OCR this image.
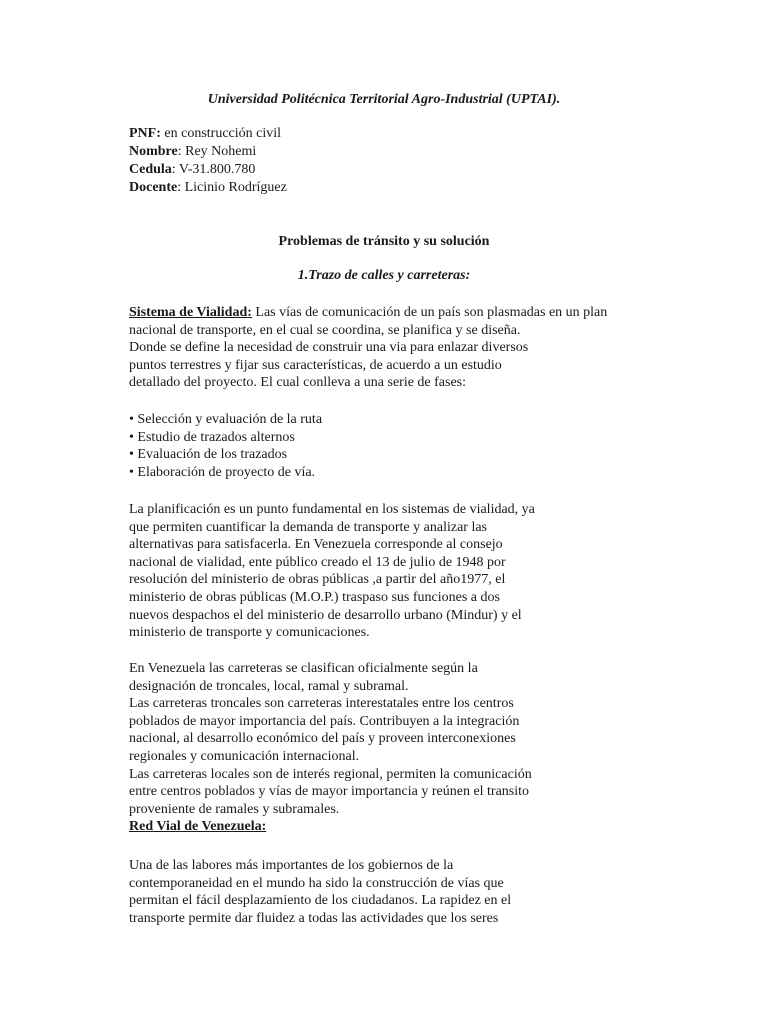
Universidad Politécnica Territorial Agro-Industrial (UPTAI).
PNF: en construcción civil
Nombre: Rey Nohemi
Cedula: V-31.800.780
Docente: Licinio Rodríguez
Problemas de tránsito y su solución
1.Trazo de calles y carreteras:
Sistema de Vialidad: Las vías de comunicación de un país son plasmadas en un plan
nacional de transporte, en el cual se coordina, se planifica y se diseña.
Donde se define la necesidad de construir una via para enlazar diversos
puntos terrestres y fijar sus características, de acuerdo a un estudio
detallado del proyecto. El cual conlleva a una serie de fases:
• Selección y evaluación de la ruta
• Estudio de trazados alternos
• Evaluación de los trazados
• Elaboración de proyecto de vía.
La planificación es un punto fundamental en los sistemas de vialidad, ya
que permiten cuantificar la demanda de transporte y analizar las
alternativas para satisfacerla. En Venezuela corresponde al consejo
nacional de vialidad, ente público creado el 13 de julio de 1948 por
resolución del ministerio de obras públicas ,a partir del año1977, el
ministerio de obras públicas (M.O.P.) traspaso sus funciones a dos
nuevos despachos el del ministerio de desarrollo urbano (Mindur) y el
ministerio de transporte y comunicaciones.
En Venezuela las carreteras se clasifican oficialmente según la
designación de troncales, local, ramal y subramal.
Las carreteras troncales son carreteras interestatales entre los centros
poblados de mayor importancia del país. Contribuyen a la integración
nacional, al desarrollo económico del país y proveen interconexiones
regionales y comunicación internacional.
Las carreteras locales son de interés regional, permiten la comunicación
entre centros poblados y vías de mayor importancia y reúnen el transito
proveniente de ramales y subramales.
Red Vial de Venezuela:
Una de las labores más importantes de los gobiernos de la
contemporaneidad en el mundo ha sido la construcción de vías que
permitan el fácil desplazamiento de los ciudadanos. La rapidez en el
transporte permite dar fluidez a todas las actividades que los seres
